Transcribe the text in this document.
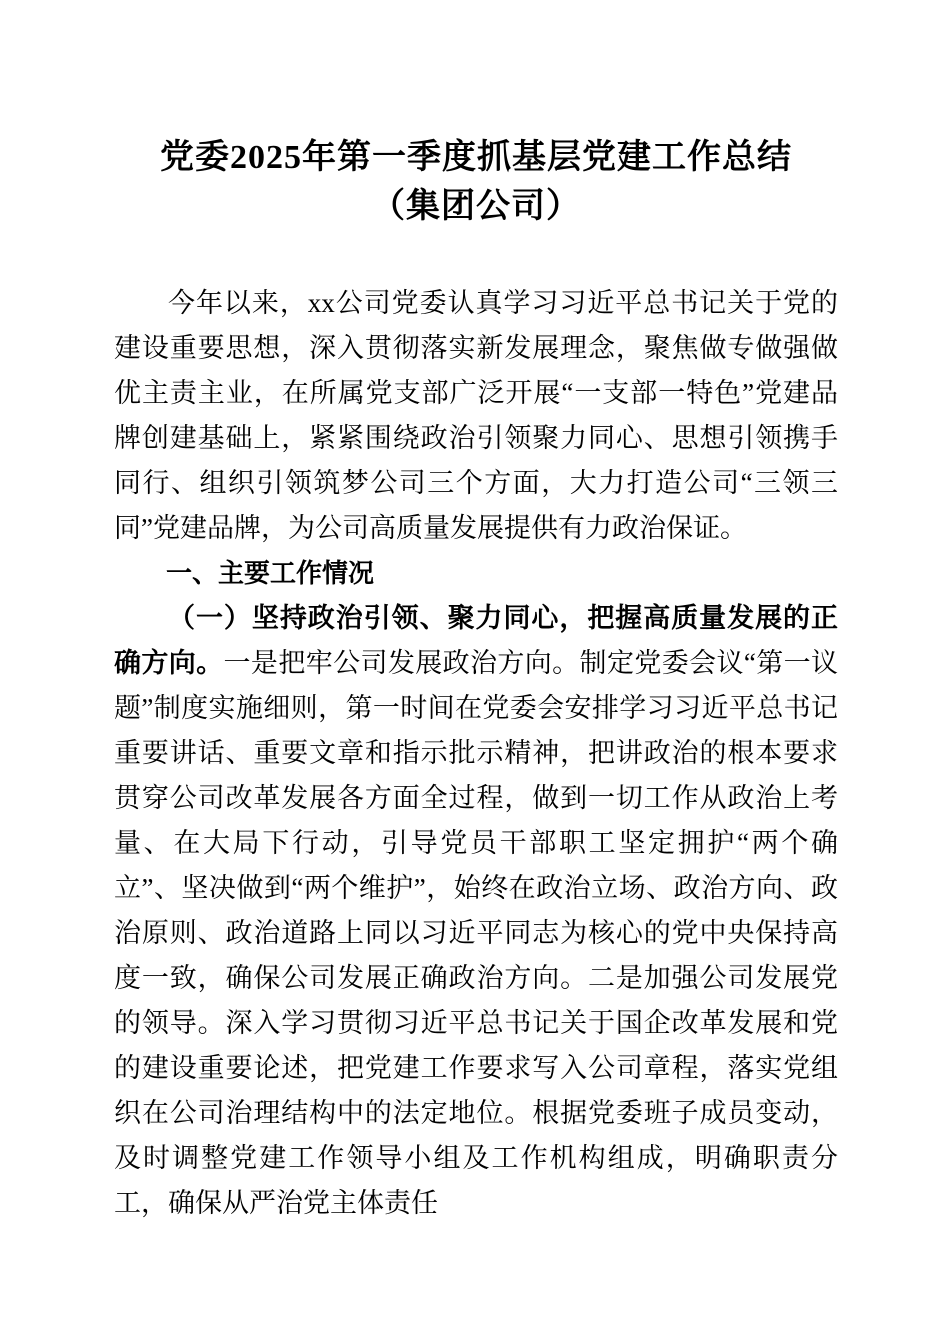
党委2025年第一季度抓基层党建工作总结
（集团公司）

今年以来，xx公司党委认真学习习近平总书记关于党的建设重要思想，深入贯彻落实新发展理念，聚焦做专做强做优主责主业，在所属党支部广泛开展“一支部一特色”党建品牌创建基础上，紧紧围绕政治引领聚力同心、思想引领携手同行、组织引领筑梦公司三个方面，大力打造公司“三领三同”党建品牌，为公司高质量发展提供有力政治保证。

一、主要工作情况

（一）坚持政治引领、聚力同心，把握高质量发展的正确方向。一是把牢公司发展政治方向。制定党委会议“第一议题”制度实施细则，第一时间在党委会安排学习习近平总书记重要讲话、重要文章和指示批示精神，把讲政治的根本要求贯穿公司改革发展各方面全过程，做到一切工作从政治上考量、在大局下行动，引导党员干部职工坚定拥护“两个确立”、坚决做到“两个维护”，始终在政治立场、政治方向、政治原则、政治道路上同以习近平同志为核心的党中央保持高度一致，确保公司发展正确政治方向。二是加强公司发展党的领导。深入学习贯彻习近平总书记关于国企改革发展和党的建设重要论述，把党建工作要求写入公司章程，落实党组织在公司治理结构中的法定地位。根据党委班子成员变动，及时调整党建工作领导小组及工作机构组成，明确职责分工，确保从严治党主体责任
